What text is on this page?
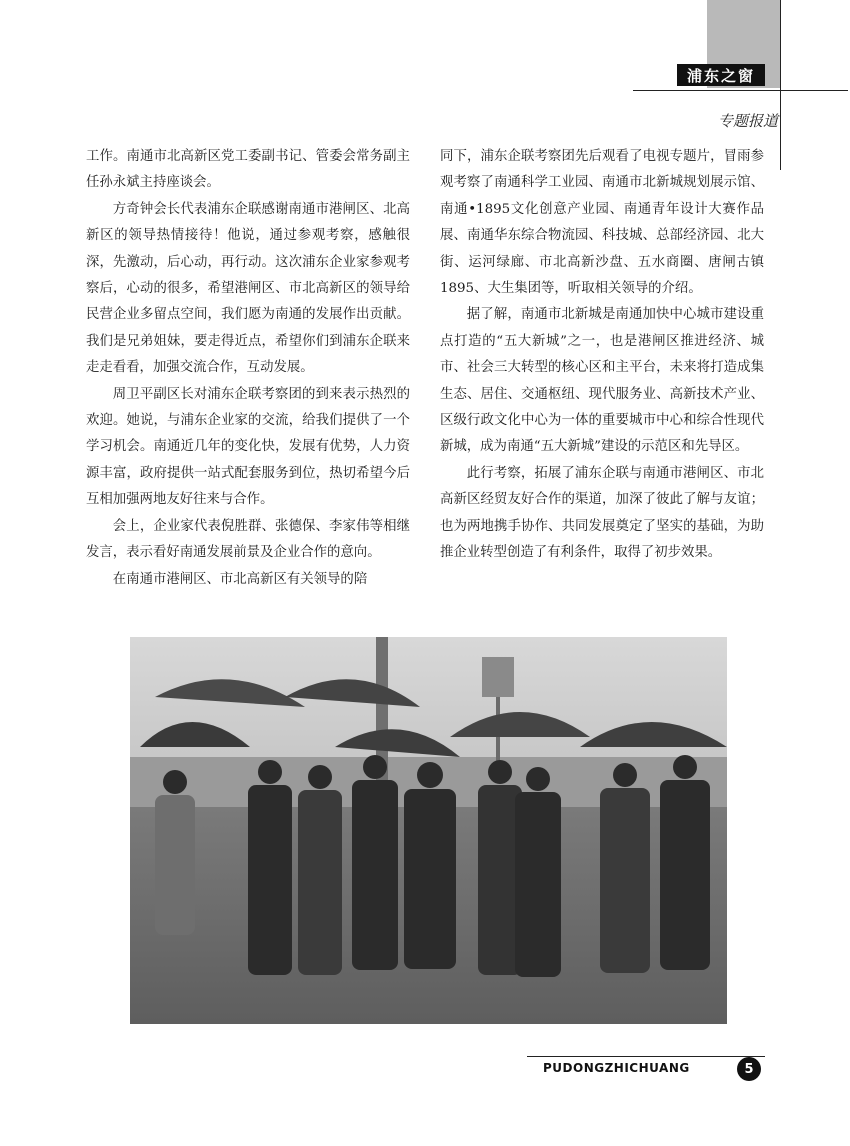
浦东之窗
专题报道

工作。南通市北高新区党工委副书记、管委会常务副主任孙永斌主持座谈会。

方奇钟会长代表浦东企联感谢南通市港闸区、北高新区的领导热情接待！他说，通过参观考察，感触很深，先激动，后心动，再行动。这次浦东企业家参观考察后，心动的很多，希望港闸区、市北高新区的领导给民营企业多留点空间，我们愿为南通的发展作出贡献。我们是兄弟姐妹，要走得近点，希望你们到浦东企联来走走看看，加强交流合作，互动发展。

周卫平副区长对浦东企联考察团的到来表示热烈的欢迎。她说，与浦东企业家的交流，给我们提供了一个学习机会。南通近几年的变化快，发展有优势，人力资源丰富，政府提供一站式配套服务到位，热切希望今后互相加强两地友好往来与合作。

会上，企业家代表倪胜群、张德保、李家伟等相继发言，表示看好南通发展前景及企业合作的意向。

在南通市港闸区、市北高新区有关领导的陪

同下，浦东企联考察团先后观看了电视专题片，冒雨参观考察了南通科学工业园、南通市北新城规划展示馆、南通•1895文化创意产业园、南通青年设计大赛作品展、南通华东综合物流园、科技城、总部经济园、北大街、运河绿廊、市北高新沙盘、五水商圈、唐闸古镇1895、大生集团等，听取相关领导的介绍。

据了解，南通市北新城是南通加快中心城市建设重点打造的“五大新城”之一，也是港闸区推进经济、城市、社会三大转型的核心区和主平台，未来将打造成集生态、居住、交通枢纽、现代服务业、高新技术产业、区级行政文化中心为一体的重要城市中心和综合性现代新城，成为南通“五大新城”建设的示范区和先导区。

此行考察，拓展了浦东企联与南通市港闸区、市北高新区经贸友好合作的渠道，加深了彼此了解与友谊；也为两地携手协作、共同发展奠定了坚实的基础，为助推企业转型创造了有利条件，取得了初步效果。

PUDONGZHICHUANG	5
